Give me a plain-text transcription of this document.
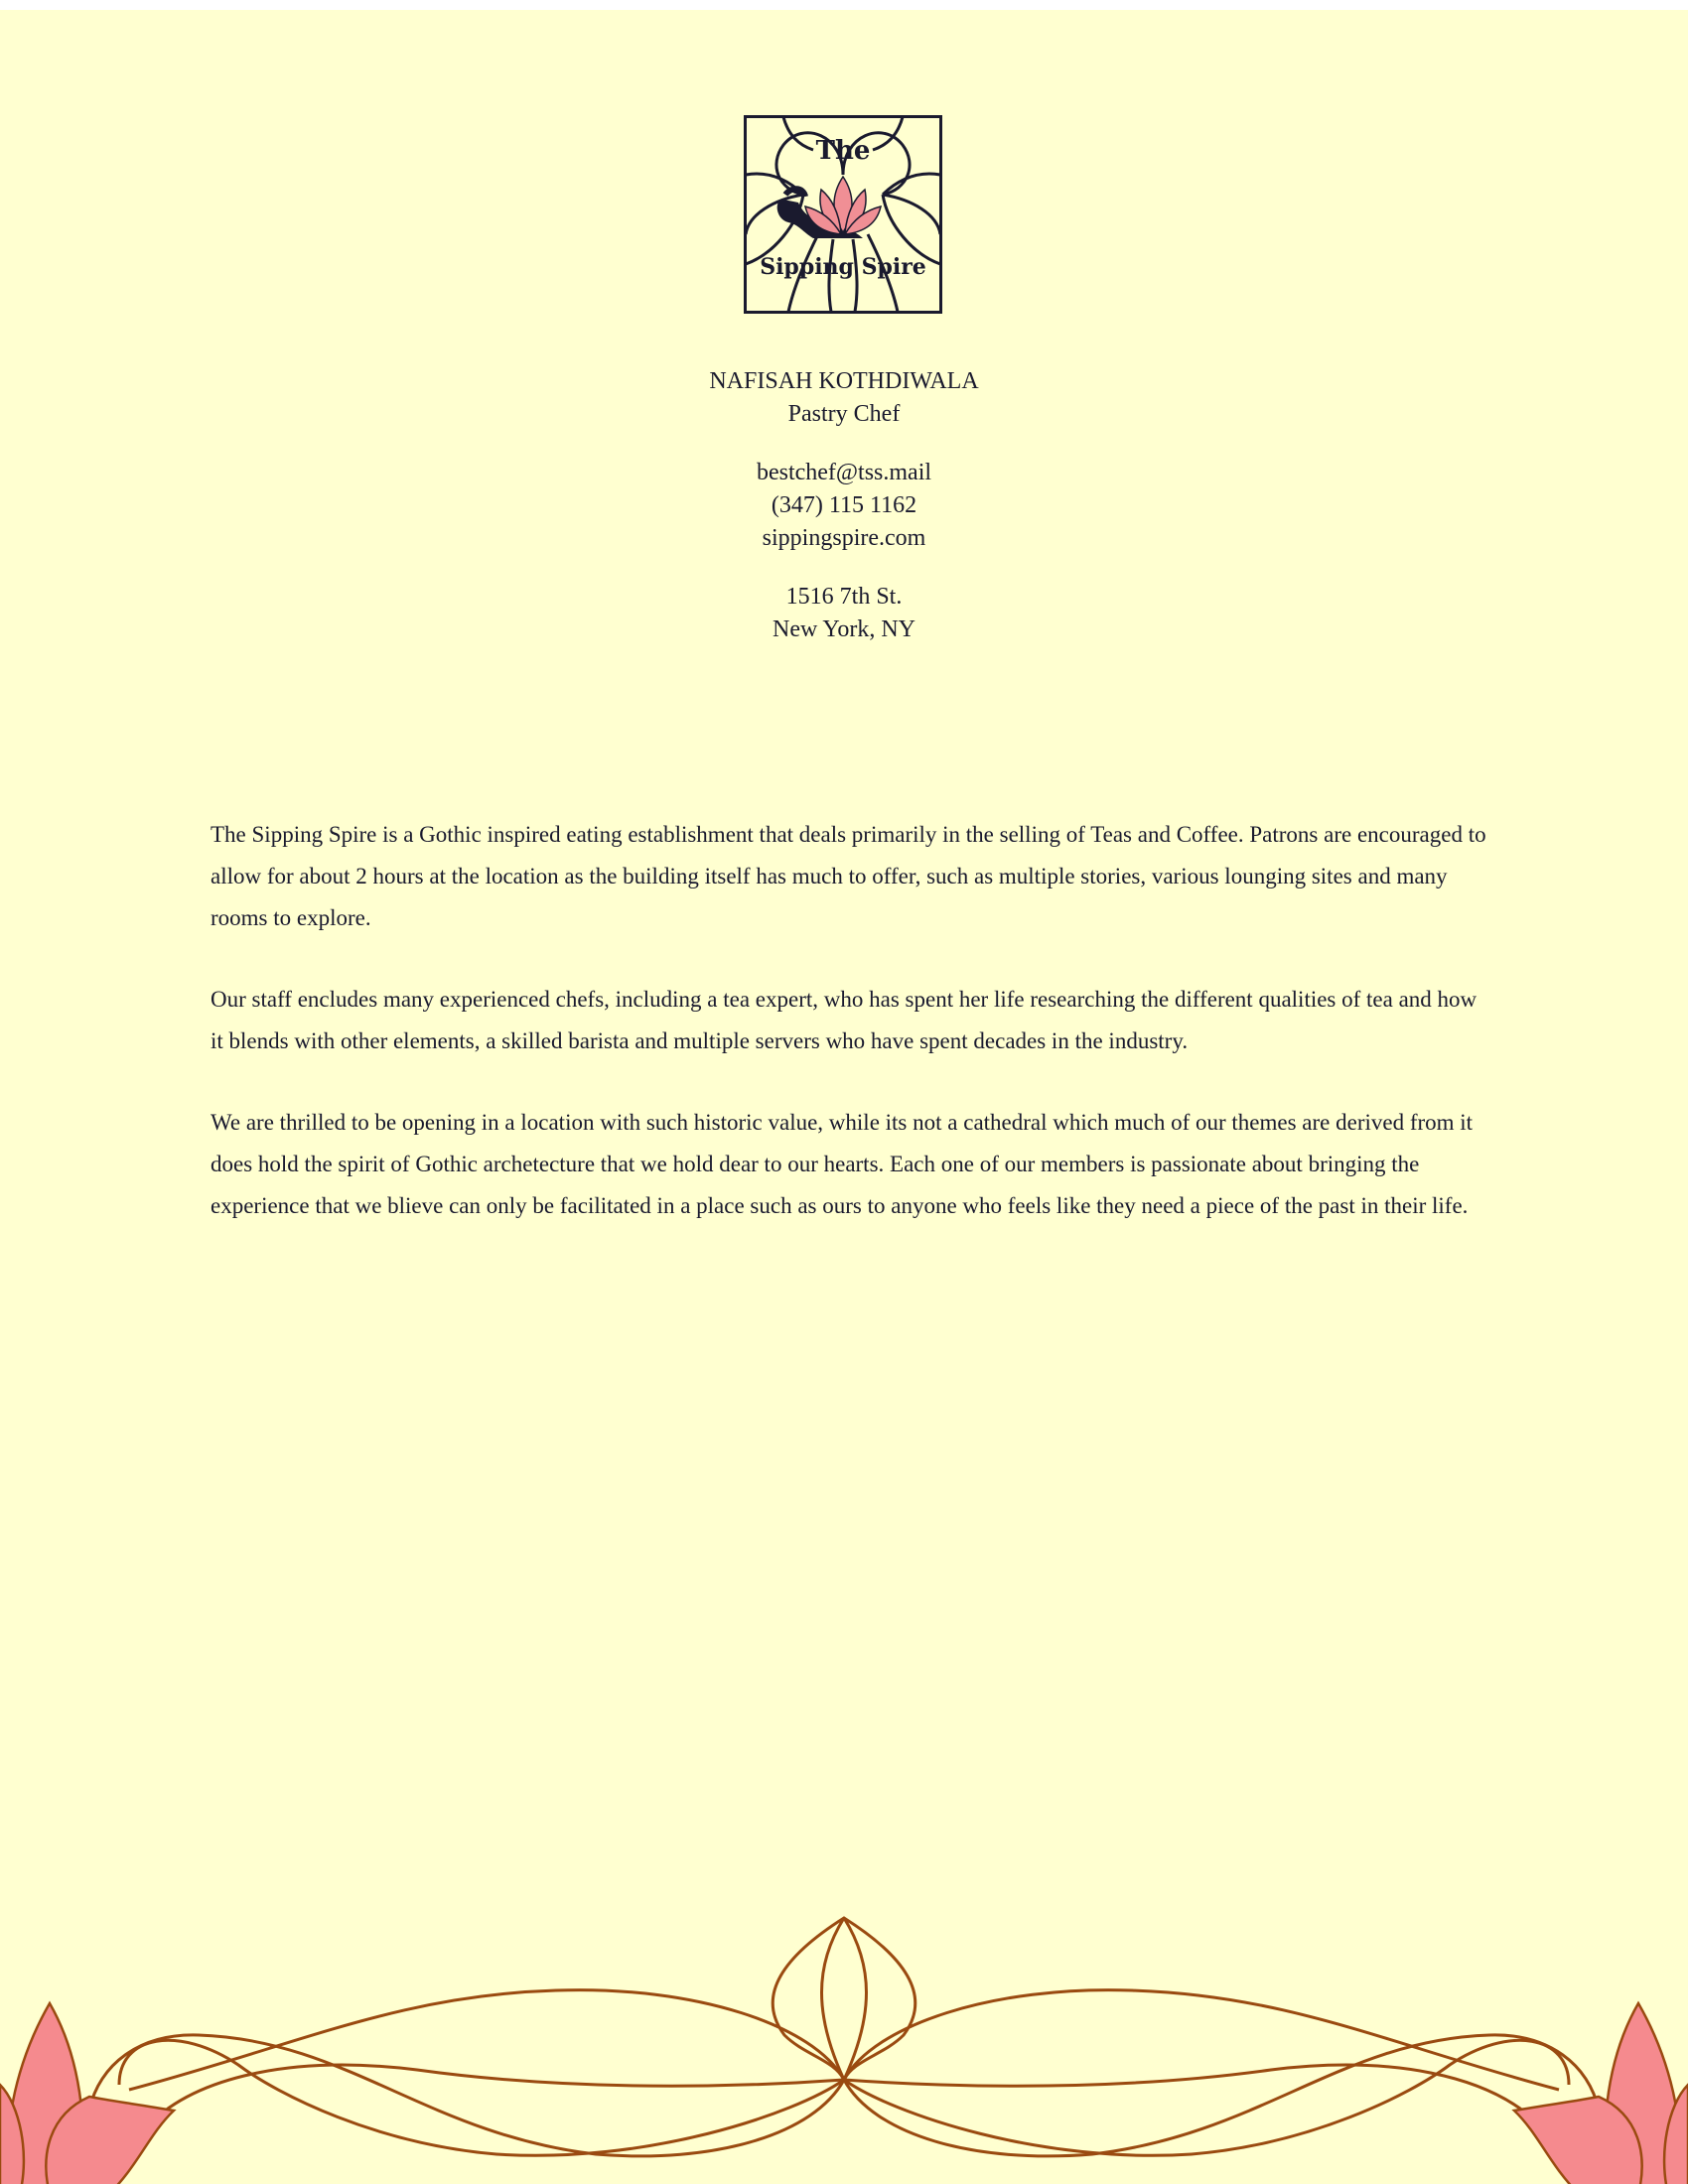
The
Sipping Spire
NAFISAH KOTHDIWALA
Pastry Chef
bestchef@tss.mail
(347) 115 1162
sippingspire.com
1516 7th St.
New York, NY

The Sipping Spire is a Gothic inspired eating establishment that deals primarily in the selling of Teas and Coffee. Patrons are encouraged to allow for about 2 hours at the location as the building itself has much to offer, such as multiple stories, various lounging sites and many rooms to explore.

Our staff encludes many experienced chefs, including a tea expert, who has spent her life researching the different qualities of tea and how it blends with other elements, a skilled barista and multiple servers who have spent decades in the industry.

We are thrilled to be opening in a location with such historic value, while its not a cathedral which much of our themes are derived from it does hold the spirit of Gothic archetecture that we hold dear to our hearts. Each one of our members is passionate about bringing the experience that we blieve can only be facilitated in a place such as ours to anyone who feels like they need a piece of the past in their life.
